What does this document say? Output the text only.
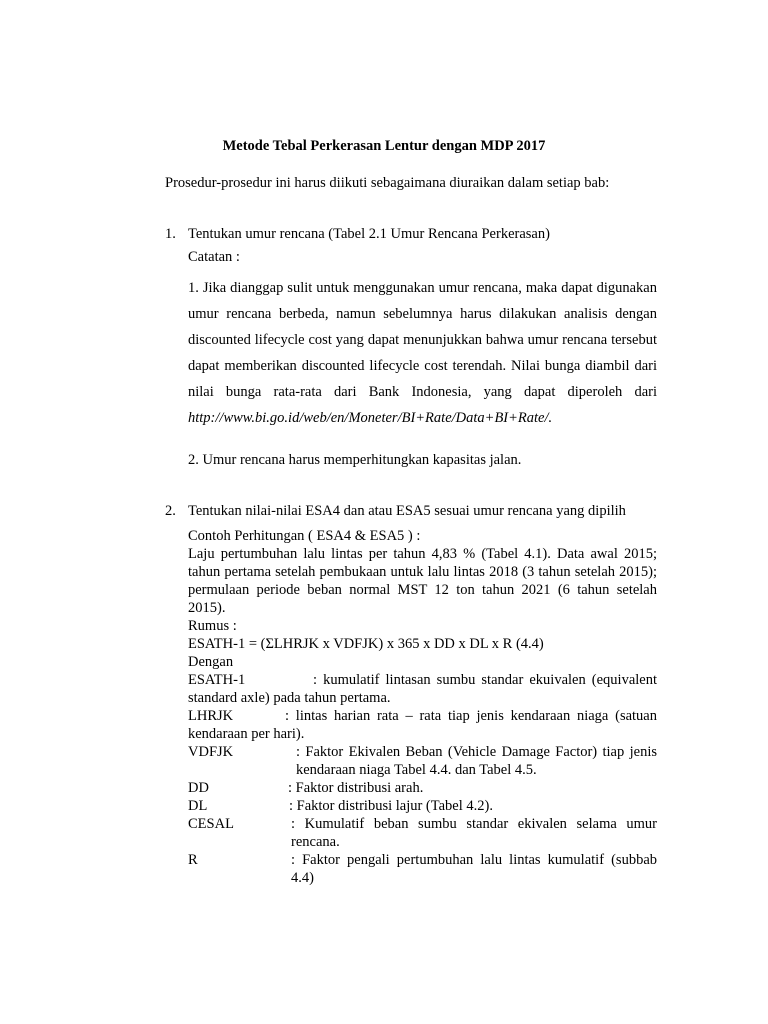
Metode Tebal Perkerasan Lentur dengan MDP 2017
Prosedur-prosedur ini harus diikuti sebagaimana diuraikan dalam setiap bab:
1. Tentukan umur rencana (Tabel 2.1 Umur Rencana Perkerasan)
Catatan :
1. Jika dianggap sulit untuk menggunakan umur rencana, maka dapat digunakan umur rencana berbeda, namun sebelumnya harus dilakukan analisis dengan discounted lifecycle cost yang dapat menunjukkan bahwa umur rencana tersebut dapat memberikan discounted lifecycle cost terendah. Nilai bunga diambil dari nilai bunga rata-rata dari Bank Indonesia, yang dapat diperoleh dari http://www.bi.go.id/web/en/Moneter/BI+Rate/Data+BI+Rate/.
2. Umur rencana harus memperhitungkan kapasitas jalan.
2. Tentukan nilai-nilai ESA4 dan atau ESA5 sesuai umur rencana yang dipilih
Contoh Perhitungan ( ESA4 & ESA5 ) :
Laju pertumbuhan lalu lintas per tahun 4,83 % (Tabel 4.1). Data awal 2015; tahun pertama setelah pembukaan untuk lalu lintas 2018 (3 tahun setelah 2015); permulaan periode beban normal MST 12 ton tahun 2021 (6 tahun setelah 2015).
Rumus :
ESATH-1 = (ΣLHRJK x VDFJK) x 365 x DD x DL x R (4.4)
Dengan
ESATH-1	: kumulatif lintasan sumbu standar ekuivalen (equivalent standard axle) pada tahun pertama.
LHRJK	: lintas harian rata – rata tiap jenis kendaraan niaga (satuan kendaraan per hari).
VDFJK	: Faktor Ekivalen Beban (Vehicle Damage Factor) tiap jenis kendaraan niaga Tabel 4.4. dan Tabel 4.5.
DD	: Faktor distribusi arah.
DL	: Faktor distribusi lajur (Tabel 4.2).
CESAL	: Kumulatif beban sumbu standar ekivalen selama umur rencana.
R	: Faktor pengali pertumbuhan lalu lintas kumulatif (subbab 4.4)
